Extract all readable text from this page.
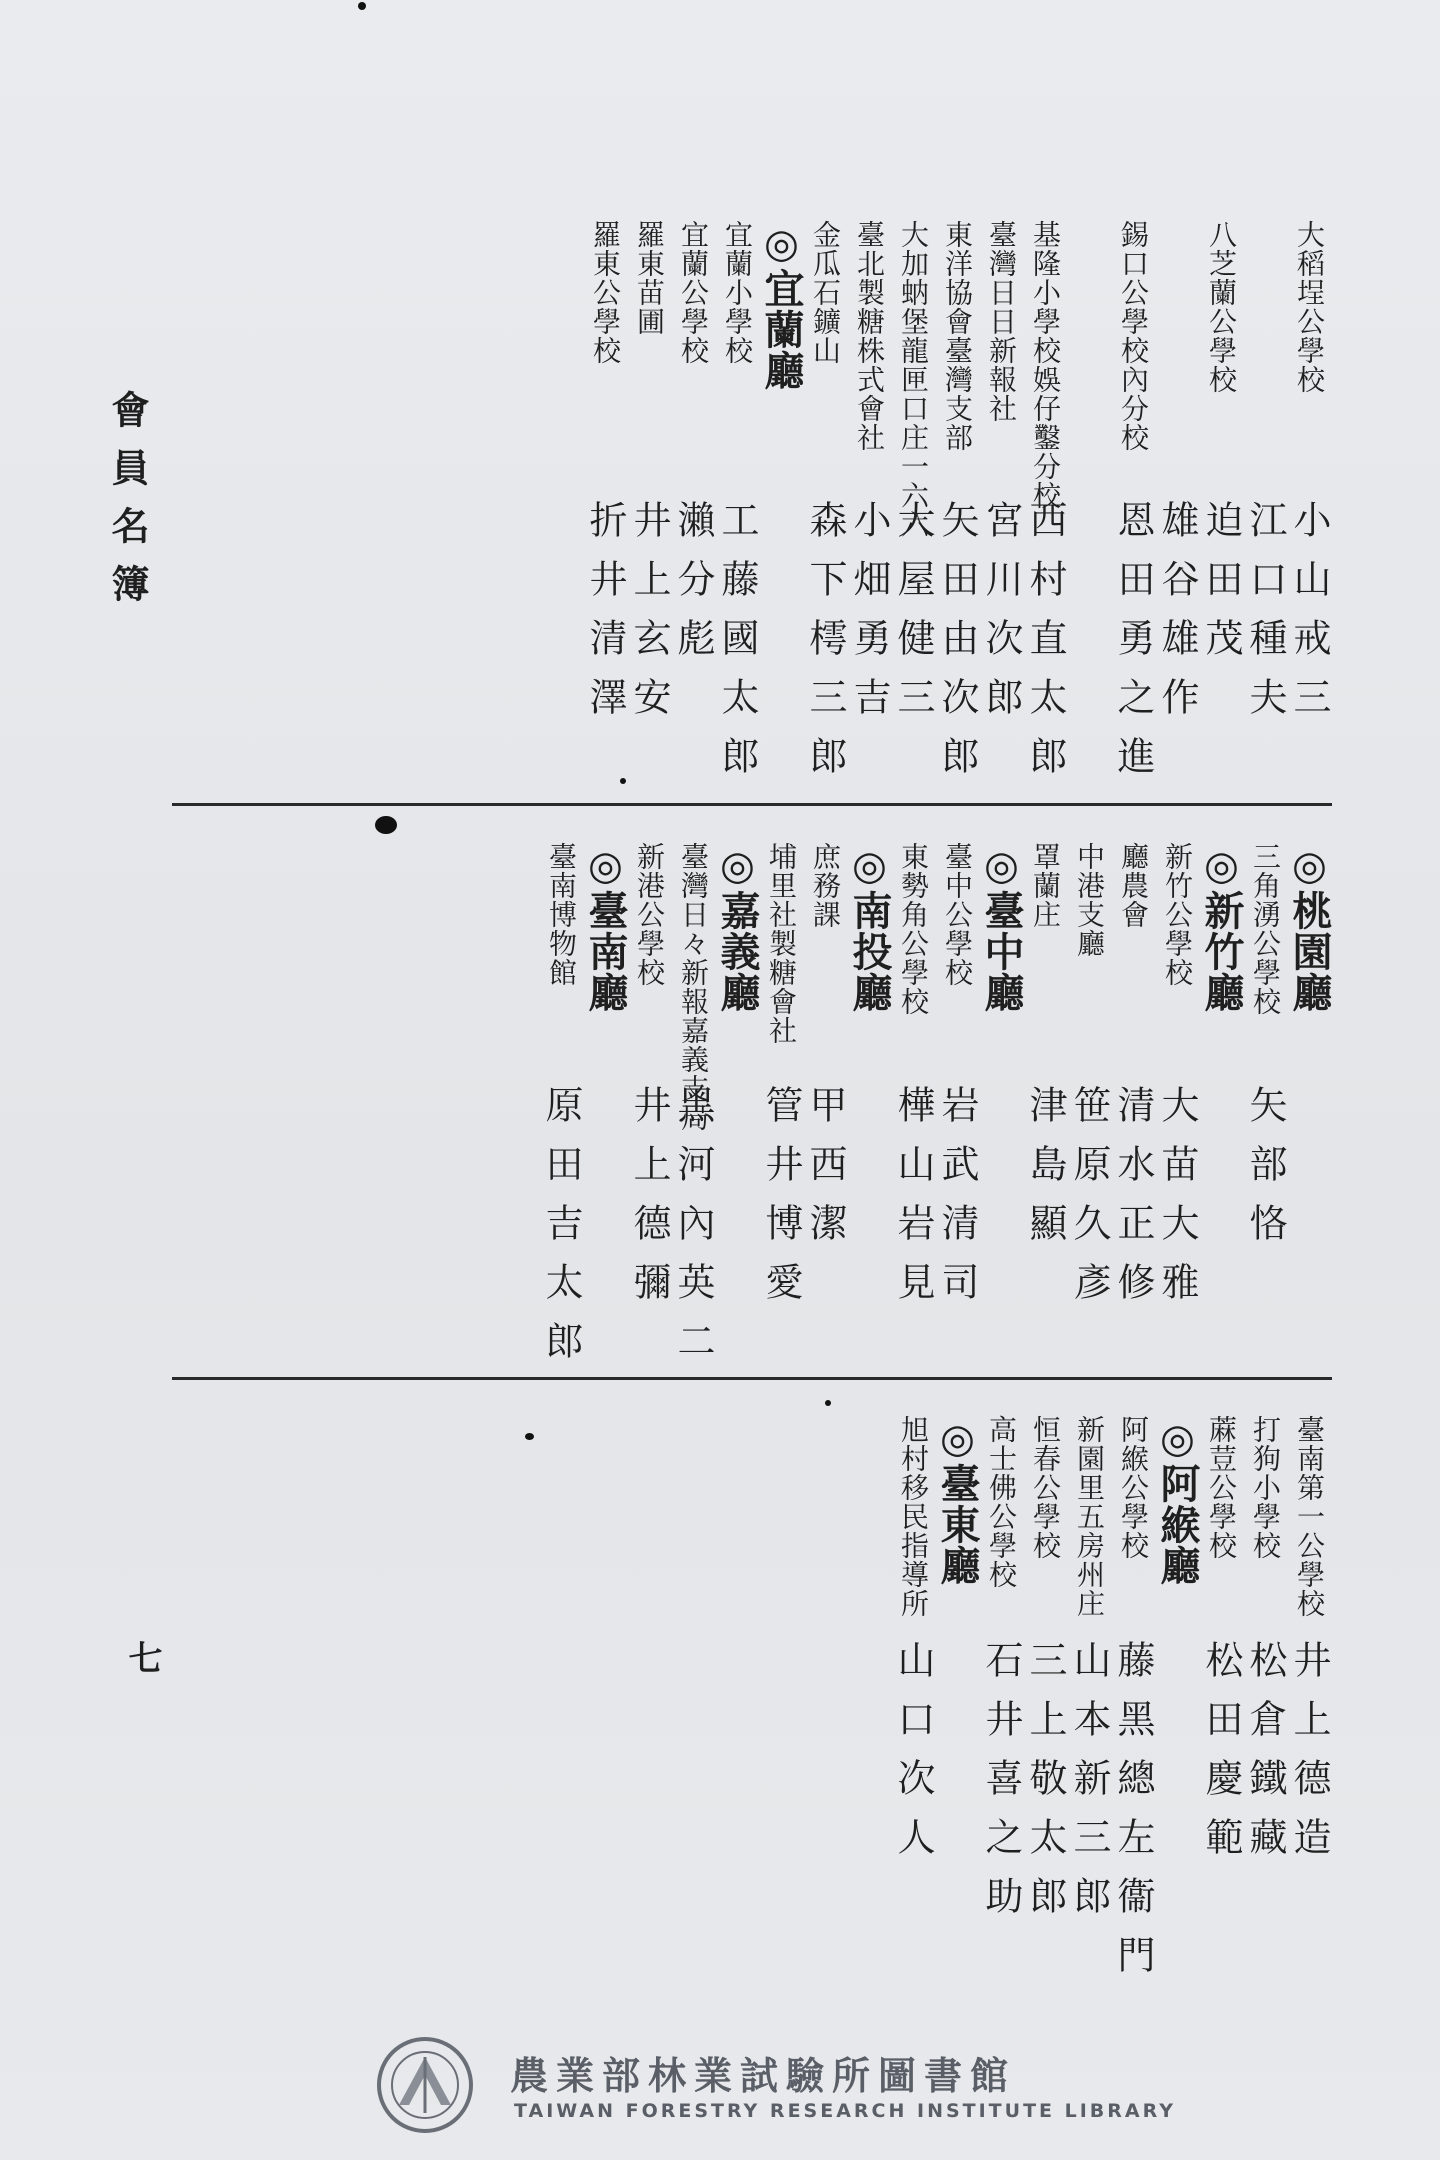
會員名簿
七
大稻埕公學校
小山戒三
江口種夫
八芝蘭公學校
迫田茂
雄谷雄作
錫口公學校內分校
恩田勇之進
基隆小學校娛仔鑿分校
西村直太郎
臺灣日日新報社
宮川次郎
東洋協會臺灣支部
矢田由次郎
大加蚋堡龍匣口庄一六六
大屋健三
臺北製糖株式會社
小畑勇吉
金瓜石鑛山
森下樗三郎
◎宜蘭廳
宜蘭小學校
工藤國太郎
宜蘭公學校
瀨分彪
羅東苗圃
井上玄安
羅東公學校
折井清澤
◎桃園廳
三角湧公學校
矢部恪
◎新竹廳
新竹公學校
大苗大雅
廳農會
清水正修
中港支廳
笹原久彥
罩蘭庄
津島顯
◎臺中廳
臺中公學校
岩武清司
東勢角公學校
樺山岩見
◎南投廳
庶務課
甲西潔
埔里社製糖會社
管井博愛
◎嘉義廳
臺灣日々新報嘉義支局
黑河內英二
新港公學校
井上德彌
◎臺南廳
臺南博物館
原田吉太郎
臺南第一公學校
井上德造
打狗小學校
松倉鐵藏
蔴荳公學校
松田慶範
◎阿緱廳
阿緱公學校
藤黑總左衞門
新園里五房州庄
山本新三郎
恒春公學校
三上敬太郎
高士佛公學校
石井喜之助
◎臺東廳
旭村移民指導所
山口次人
農業部林業試驗所圖書館
TAIWAN FORESTRY RESEARCH INSTITUTE LIBRARY
